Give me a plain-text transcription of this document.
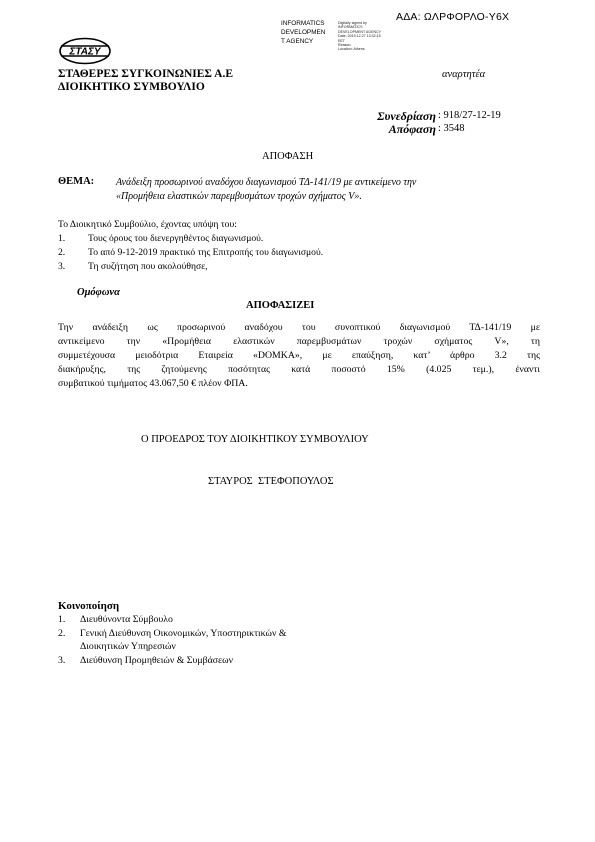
ΑΔΑ: ΩΛΡΦΟΡΛΟ-Υ6Χ
INFORMATICS
DEVELOPMEN
T AGENCY
Digitally signed by
INFORMATICS
DEVELOPMENT AGENCY
Date: 2019.12.27 13:32:15
EET
Reason:
Location: Athens
ΣΤΑΣΥ
ΣΤΑΘΕΡΕΣ ΣΥΓΚΟΙΝΩΝΙΕΣ Α.Ε
ΔΙΟΙΚΗΤΙΚΟ ΣΥΜΒΟΥΛΙΟ
αναρτητέα
Συνεδρίαση : 918/27-12-19
Απόφαση : 3548
ΑΠΟΦΑΣΗ
ΘΕΜΑ: Ανάδειξη προσωρινού αναδόχου διαγωνισμού ΤΔ-141/19 με αντικείμενο την
«Προμήθεια ελαστικών παρεμβυσμάτων τροχών σχήματος V».
Το Διοικητικό Συμβούλιο, έχοντας υπόψη του:
1. Τους όρους του διενεργηθέντος διαγωνισμού.
2. Το από 9-12-2019 πρακτικό της Επιτροπής του διαγωνισμού.
3. Τη συζήτηση που ακολούθησε,
Ομόφωνα
ΑΠΟΦΑΣΙΖΕΙ
Την ανάδειξη ως προσωρινού αναδόχου του συνοπτικού διαγωνισμού ΤΔ-141/19 με
αντικείμενο την «Προμήθεια ελαστικών παρεμβυσμάτων τροχών σχήματος V», τη
συμμετέχουσα μειοδότρια Εταιρεία «DOMKA», με επαύξηση, κατ’ άρθρο 3.2 της
διακήρυξης, της ζητούμενης ποσότητας κατά ποσοστό 15% (4.025 τεμ.), έναντι
συμβατικού τιμήματος 43.067,50 € πλέον ΦΠΑ.
Ο ΠΡΟΕΔΡΟΣ ΤΟΥ ΔΙΟΙΚΗΤΙΚΟΥ ΣΥΜΒΟΥΛΙΟΥ
ΣΤΑΥΡΟΣ  ΣΤΕΦΟΠΟΥΛΟΣ
Κοινοποίηση
1. Διευθύνοντα Σύμβουλο
2. Γενική Διεύθυνση Οικονομικών, Υποστηρικτικών &
Διοικητικών Υπηρεσιών
3. Διεύθυνση Προμηθειών & Συμβάσεων
